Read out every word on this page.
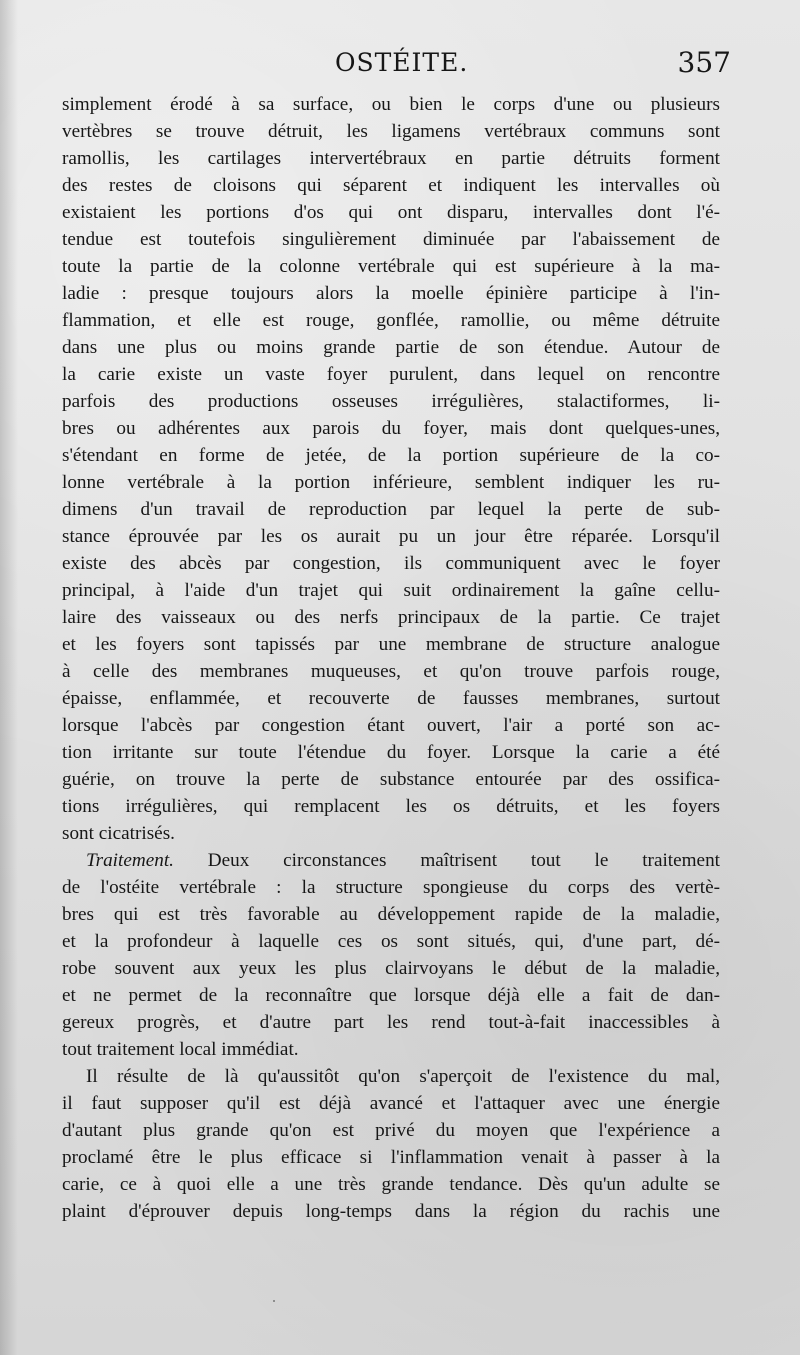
OSTÉITE.	357
simplement érodé à sa surface, ou bien le corps d'une ou plusieurs
vertèbres se trouve détruit, les ligamens vertébraux communs sont
ramollis, les cartilages intervertébraux en partie détruits forment
des restes de cloisons qui séparent et indiquent les intervalles où
existaient les portions d'os qui ont disparu, intervalles dont l'é-
tendue est toutefois singulièrement diminuée par l'abaissement de
toute la partie de la colonne vertébrale qui est supérieure à la ma-
ladie : presque toujours alors la moelle épinière participe à l'in-
flammation, et elle est rouge, gonflée, ramollie, ou même détruite
dans une plus ou moins grande partie de son étendue. Autour de
la carie existe un vaste foyer purulent, dans lequel on rencontre
parfois des productions osseuses irrégulières, stalactiformes, li-
bres ou adhérentes aux parois du foyer, mais dont quelques-unes,
s'étendant en forme de jetée, de la portion supérieure de la co-
lonne vertébrale à la portion inférieure, semblent indiquer les ru-
dimens d'un travail de reproduction par lequel la perte de sub-
stance éprouvée par les os aurait pu un jour être réparée. Lorsqu'il
existe des abcès par congestion, ils communiquent avec le foyer
principal, à l'aide d'un trajet qui suit ordinairement la gaîne cellu-
laire des vaisseaux ou des nerfs principaux de la partie. Ce trajet
et les foyers sont tapissés par une membrane de structure analogue
à celle des membranes muqueuses, et qu'on trouve parfois rouge,
épaisse, enflammée, et recouverte de fausses membranes, surtout
lorsque l'abcès par congestion étant ouvert, l'air a porté son ac-
tion irritante sur toute l'étendue du foyer. Lorsque la carie a été
guérie, on trouve la perte de substance entourée par des ossifica-
tions irrégulières, qui remplacent les os détruits, et les foyers
sont cicatrisés.
Traitement. Deux circonstances maîtrisent tout le traitement
de l'ostéite vertébrale : la structure spongieuse du corps des vertè-
bres qui est très favorable au développement rapide de la maladie,
et la profondeur à laquelle ces os sont situés, qui, d'une part, dé-
robe souvent aux yeux les plus clairvoyans le début de la maladie,
et ne permet de la reconnaître que lorsque déjà elle a fait de dan-
gereux progrès, et d'autre part les rend tout-à-fait inaccessibles à
tout traitement local immédiat.
Il résulte de là qu'aussitôt qu'on s'aperçoit de l'existence du mal,
il faut supposer qu'il est déjà avancé et l'attaquer avec une énergie
d'autant plus grande qu'on est privé du moyen que l'expérience a
proclamé être le plus efficace si l'inflammation venait à passer à la
carie, ce à quoi elle a une très grande tendance. Dès qu'un adulte se
plaint d'éprouver depuis long-temps dans la région du rachis une
